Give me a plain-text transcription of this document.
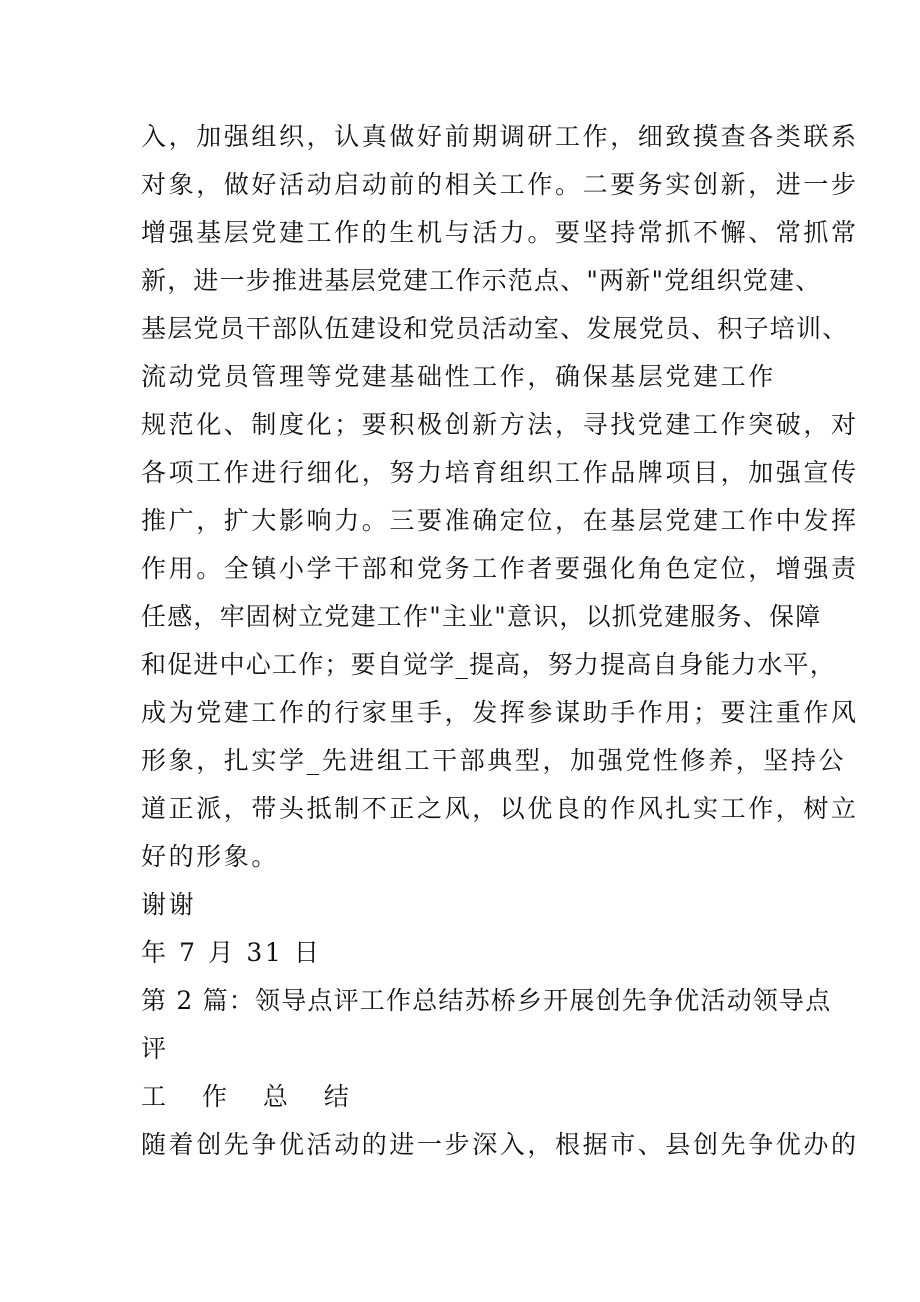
入，加强组织，认真做好前期调研工作，细致摸查各类联系
对象，做好活动启动前的相关工作。二要务实创新，进一步
增强基层党建工作的生机与活力。要坚持常抓不懈、常抓常
新，进一步推进基层党建工作示范点、"两新"党组织党建、
基层党员干部队伍建设和党员活动室、发展党员、积子培训、
流动党员管理等党建基础性工作，确保基层党建工作
规范化、制度化；要积极创新方法，寻找党建工作突破，对
各项工作进行细化，努力培育组织工作品牌项目，加强宣传
推广，扩大影响力。三要准确定位，在基层党建工作中发挥
作用。全镇小学干部和党务工作者要强化角色定位，增强责
任感，牢固树立党建工作"主业"意识，以抓党建服务、保障
和促进中心工作；要自觉学_提高，努力提高自身能力水平，
成为党建工作的行家里手，发挥参谋助手作用；要注重作风
形象，扎实学_先进组工干部典型，加强党性修养，坚持公
道正派，带头抵制不正之风，以优良的作风扎实工作，树立
好的形象。
谢谢
年 7 月 31 日
第 2 篇：领导点评工作总结苏桥乡开展创先争优活动领导点
评
工 作 总 结
随着创先争优活动的进一步深入，根据市、县创先争优办的
